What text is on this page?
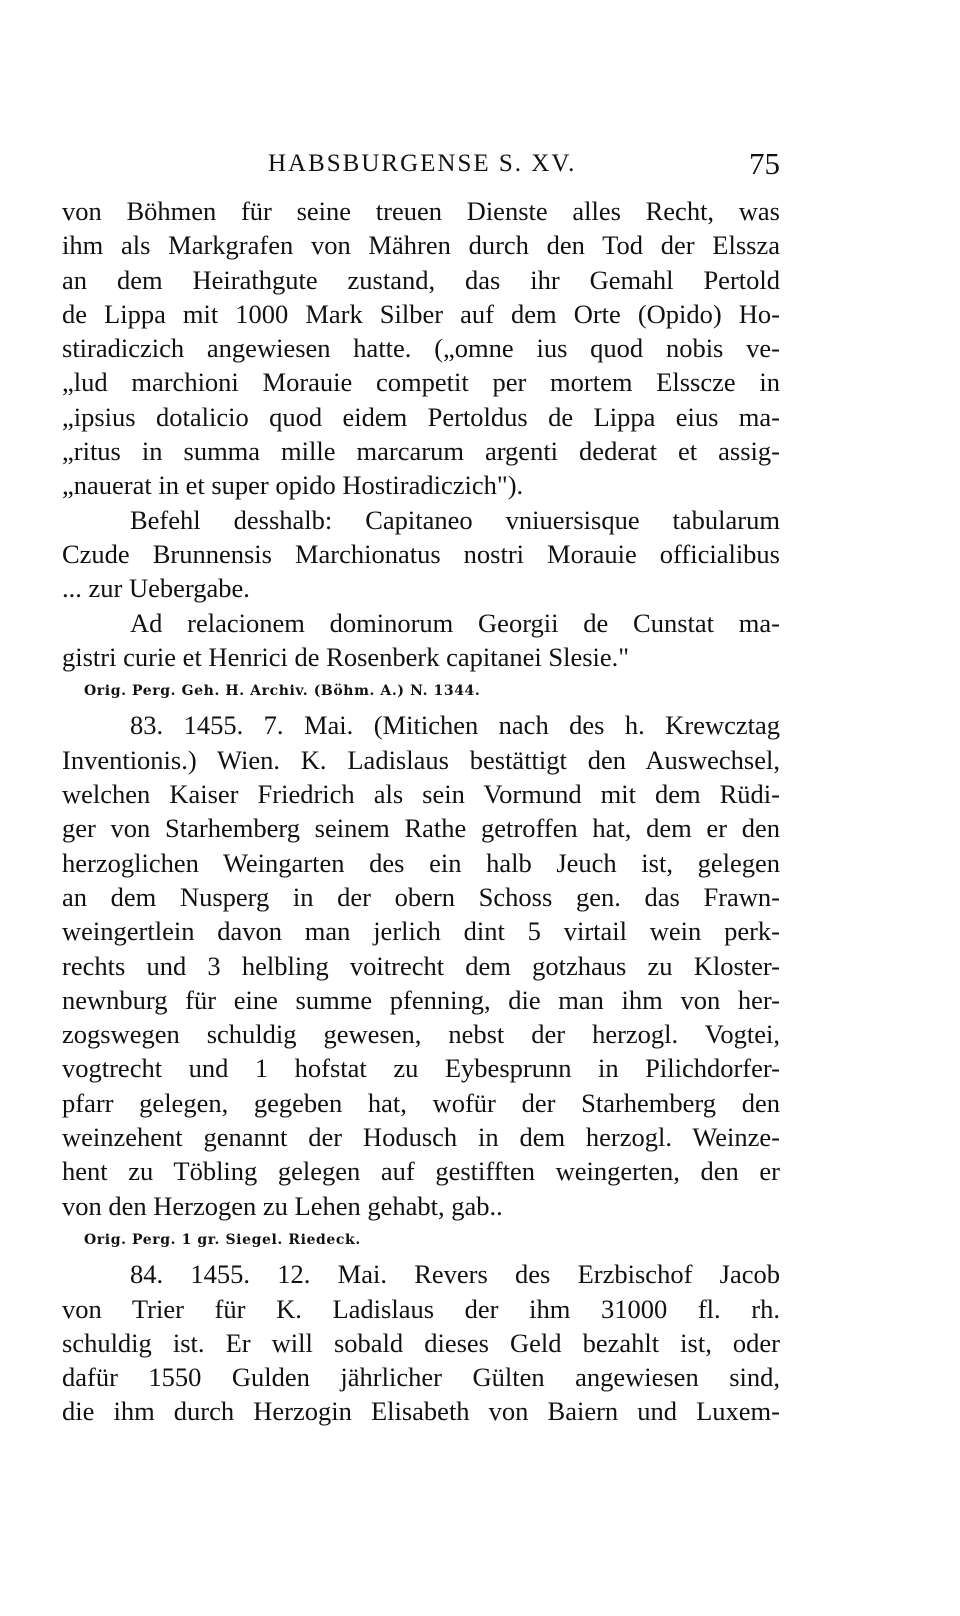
HABSBURGENSE S. XV.	75
von Böhmen für seine treuen Dienste alles Recht, was
ihm als Markgrafen von Mähren durch den Tod der Elssza
an dem Heirathgute zustand, das ihr Gemahl Pertold
de Lippa mit 1000 Mark Silber auf dem Orte (Opido) Ho-
stiradiczich angewiesen hatte. („omne ius quod nobis ve-
„lud marchioni Morauie competit per mortem Elsscze in
„ipsius dotalicio quod eidem Pertoldus de Lippa eius ma-
„ritus in summa mille marcarum argenti dederat et assig-
„nauerat in et super opido Hostiradiczich").
Befehl desshalb: Capitaneo vniuersisque tabularum
Czude Brunnensis Marchionatus nostri Morauie officialibus
... zur Uebergabe.
Ad relacionem dominorum Georgii de Cunstat ma-
gistri curie et Henrici de Rosenberk capitanei Slesie."
Orig. Perg. Geh. H. Archiv. (Böhm. A.) N. 1344.
83. 1455. 7. Mai. (Mitichen nach des h. Krewcztag
Inventionis.) Wien. K. Ladislaus bestättigt den Auswechsel,
welchen Kaiser Friedrich als sein Vormund mit dem Rüdi-
ger von Starhemberg seinem Rathe getroffen hat, dem er den
herzoglichen Weingarten des ein halb Jeuch ist, gelegen
an dem Nusperg in der obern Schoss gen. das Frawn-
weingertlein davon man jerlich dint 5 virtail wein perk-
rechts und 3 helbling voitrecht dem gotzhaus zu Kloster-
newnburg für eine summe pfenning, die man ihm von her-
zogswegen schuldig gewesen, nebst der herzogl. Vogtei,
vogtrecht und 1 hofstat zu Eybesprunn in Pilichdorfer-
pfarr gelegen, gegeben hat, wofür der Starhemberg den
weinzehent genannt der Hodusch in dem herzogl. Weinze-
hent zu Töbling gelegen auf gestifften weingerten, den er
von den Herzogen zu Lehen gehabt, gab..
Orig. Perg. 1 gr. Siegel. Riedeck.
84. 1455. 12. Mai. Revers des Erzbischof Jacob
von Trier für K. Ladislaus der ihm 31000 fl. rh.
schuldig ist. Er will sobald dieses Geld bezahlt ist, oder
dafür 1550 Gulden jährlicher Gülten angewiesen sind,
die ihm durch Herzogin Elisabeth von Baiern und Luxem-
